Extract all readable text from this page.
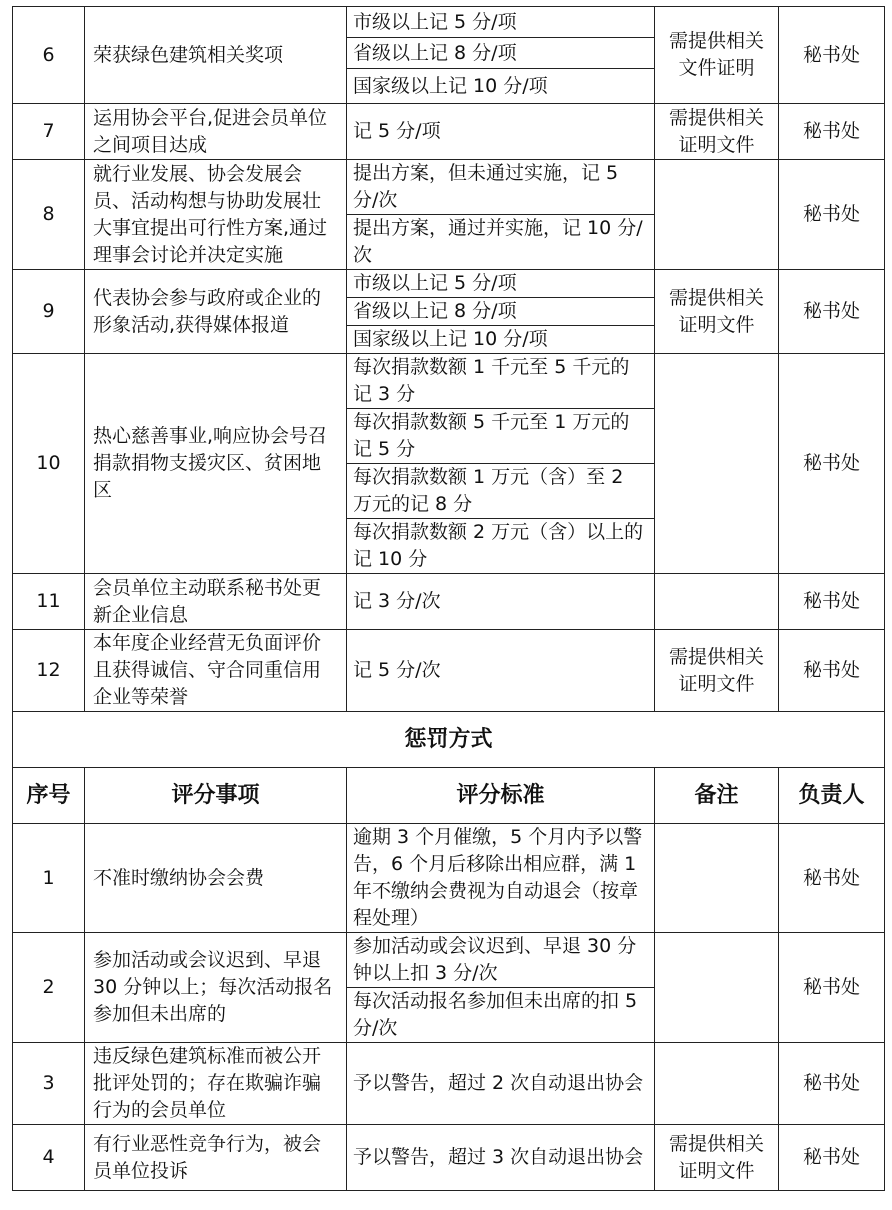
6	荣获绿色建筑相关奖项	市级以上记 5 分/项	需提供相关文件证明	秘书处
		省级以上记 8 分/项		
		国家级以上记 10 分/项		
7	运用协会平台,促进会员单位之间项目达成	记 5 分/项	需提供相关证明文件	秘书处
8	就行业发展、协会发展会员、活动构想与协助发展壮大事宜提出可行性方案,通过理事会讨论并决定实施	提出方案，但未通过实施，记 5 分/次		秘书处
		提出方案，通过并实施，记 10 分/次		
9	代表协会参与政府或企业的形象活动,获得媒体报道	市级以上记 5 分/项	需提供相关证明文件	秘书处
		省级以上记 8 分/项		
		国家级以上记 10 分/项		
10	热心慈善事业,响应协会号召捐款捐物支援灾区、贫困地区	每次捐款数额 1 千元至 5 千元的记 3 分		秘书处
		每次捐款数额 5 千元至 1 万元的记 5 分		
		每次捐款数额 1 万元（含）至 2 万元的记 8 分		
		每次捐款数额 2 万元（含）以上的记 10 分		
11	会员单位主动联系秘书处更新企业信息	记 3 分/次		秘书处
12	本年度企业经营无负面评价且获得诚信、守合同重信用企业等荣誉	记 5 分/次	需提供相关证明文件	秘书处
惩罚方式				
序号	评分事项	评分标准	备注	负责人
1	不准时缴纳协会会费	逾期 3 个月催缴，5 个月内予以警告，6 个月后移除出相应群，满 1 年不缴纳会费视为自动退会（按章程处理）		秘书处
2	参加活动或会议迟到、早退 30 分钟以上；每次活动报名参加但未出席的	参加活动或会议迟到、早退 30 分钟以上扣 3 分/次		秘书处
		每次活动报名参加但未出席的扣 5 分/次		
3	违反绿色建筑标准而被公开批评处罚的；存在欺骗诈骗行为的会员单位	予以警告，超过 2 次自动退出协会		秘书处
4	有行业恶性竞争行为，被会员单位投诉	予以警告，超过 3 次自动退出协会	需提供相关证明文件	秘书处
